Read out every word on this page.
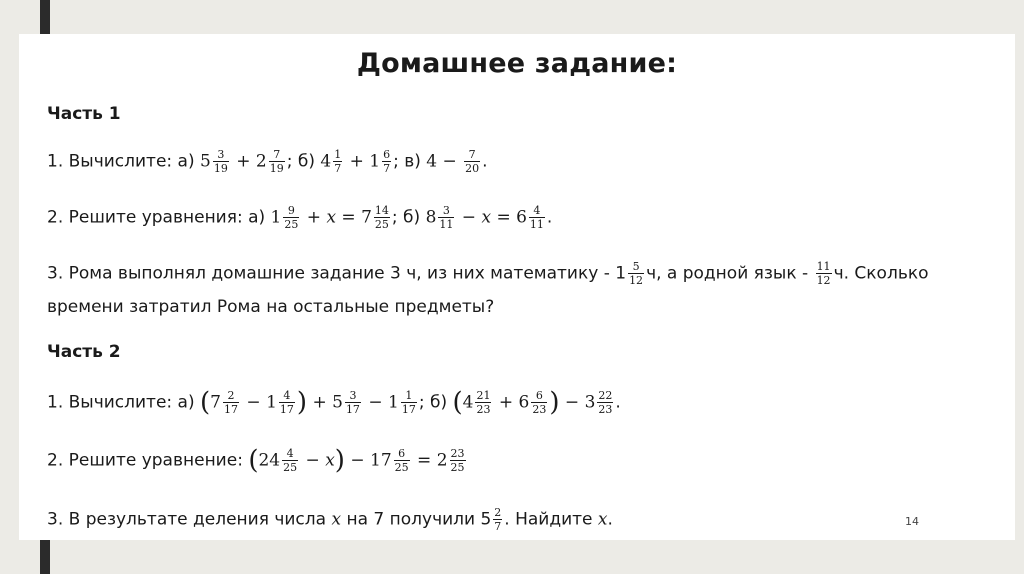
Домашнее задание:
Часть 1
1. Вычислите: а) $5 \frac{3}{19} + 2 \frac{7}{19}$ ; б) $4 \frac{1}{7} + 1 \frac{6}{7}$ ; в) $4 - \frac{7}{20}$ .
2. Решите уравнения: а) $1 \frac{9}{25} + x = 7 \frac{14}{25}$ ; б) $8 \frac{3}{11} - x = 6 \frac{4}{11}$ .
3. Рома выполнял домашние задание 3 ч, из них математику - $1 \frac{5}{12} ч$, а родной язык - $\frac{11}{12} ч$. Сколько
времени затратил Рома на остальные предметы?
Часть 2
1. Вычислите: а) ($7 \frac{2}{17} - 1 \frac{4}{17}$ ) + $5 \frac{3}{17} - 1 \frac{1}{17}$ ; б) ($4 \frac{21}{23} + 6 \frac{6}{23}$ ) − $3 \frac{22}{23}$ .
2. Решите уравнение: $(24 \frac{4}{25} - x) - 17 \frac{6}{25} = 2 \frac{23}{25}$
3. В результате деления числа x на 7 получили $5 \frac{2}{7}$ . Найдите x.	14
